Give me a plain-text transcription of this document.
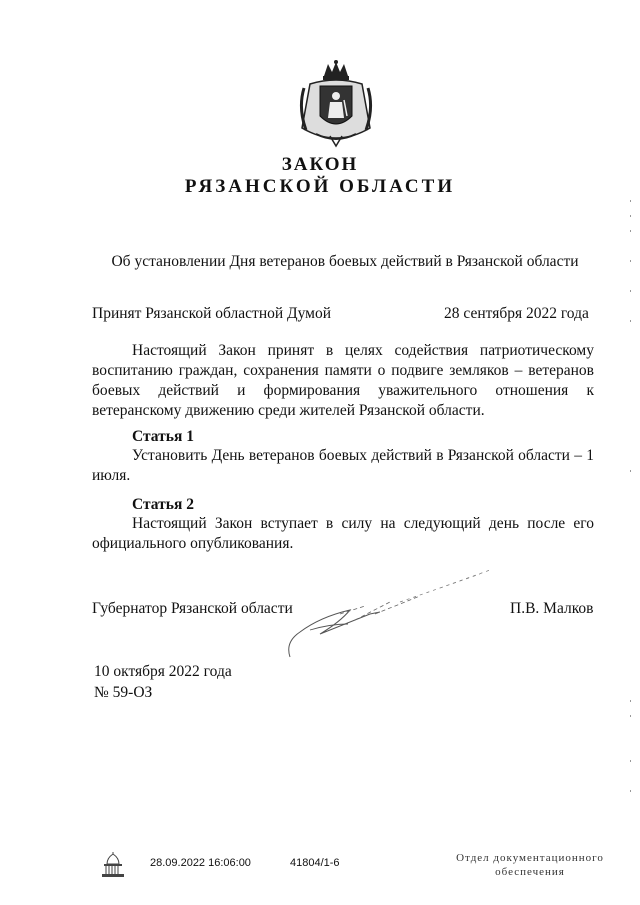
ЗАКОН
РЯЗАНСКОЙ ОБЛАСТИ
Об установлении Дня ветеранов боевых действий в Рязанской области
Принят Рязанской областной Думой	28 сентября 2022 года
Настоящий Закон принят в целях содействия патриотическому воспитанию граждан, сохранения памяти о подвиге земляков – ветеранов боевых действий и формирования уважительного отношения к ветеранскому движению среди жителей Рязанской области.
Статья 1
Установить День ветеранов боевых действий в Рязанской области – 1 июля.
Статья 2
Настоящий Закон вступает в силу на следующий день после его официального опубликования.
Губернатор Рязанской области	П.В. Малков
10 октября 2022 года
№ 59-ОЗ
28.09.2022 16:06:00	41804/1-6	Отдел документационного
обеспечения
